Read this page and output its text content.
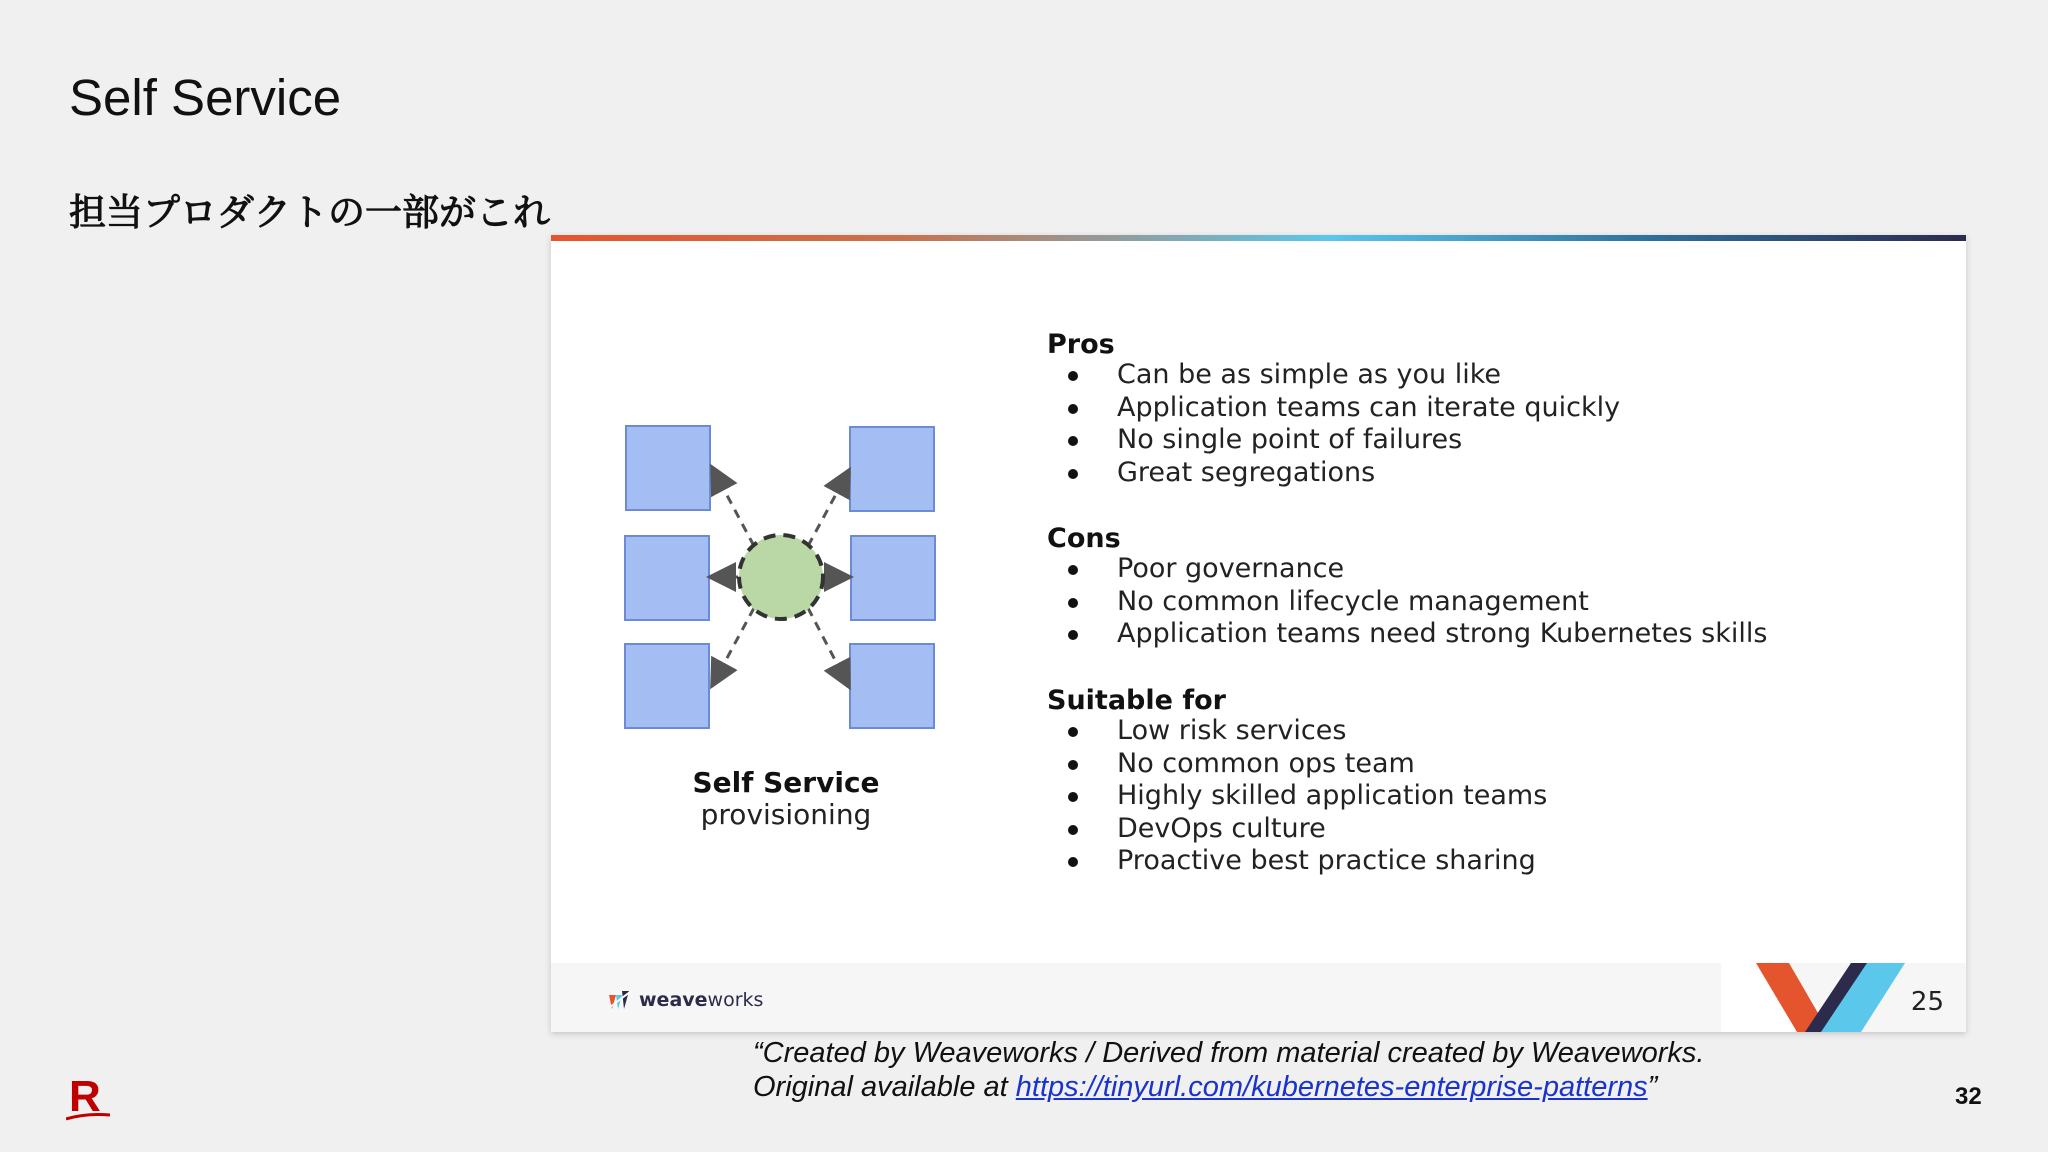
Self Service
担当プロダクトの一部がこれ
Self Service
provisioning
Pros
Can be as simple as you like
Application teams can iterate quickly
No single point of failures
Great segregations
Cons
Poor governance
No common lifecycle management
Application teams need strong Kubernetes skills
Suitable for
Low risk services
No common ops team
Highly skilled application teams
DevOps culture
Proactive best practice sharing
weaveworks	25
“Created by Weaveworks / Derived from material created by Weaveworks.
Original available at https://tinyurl.com/kubernetes-enterprise-patterns”
R	32
